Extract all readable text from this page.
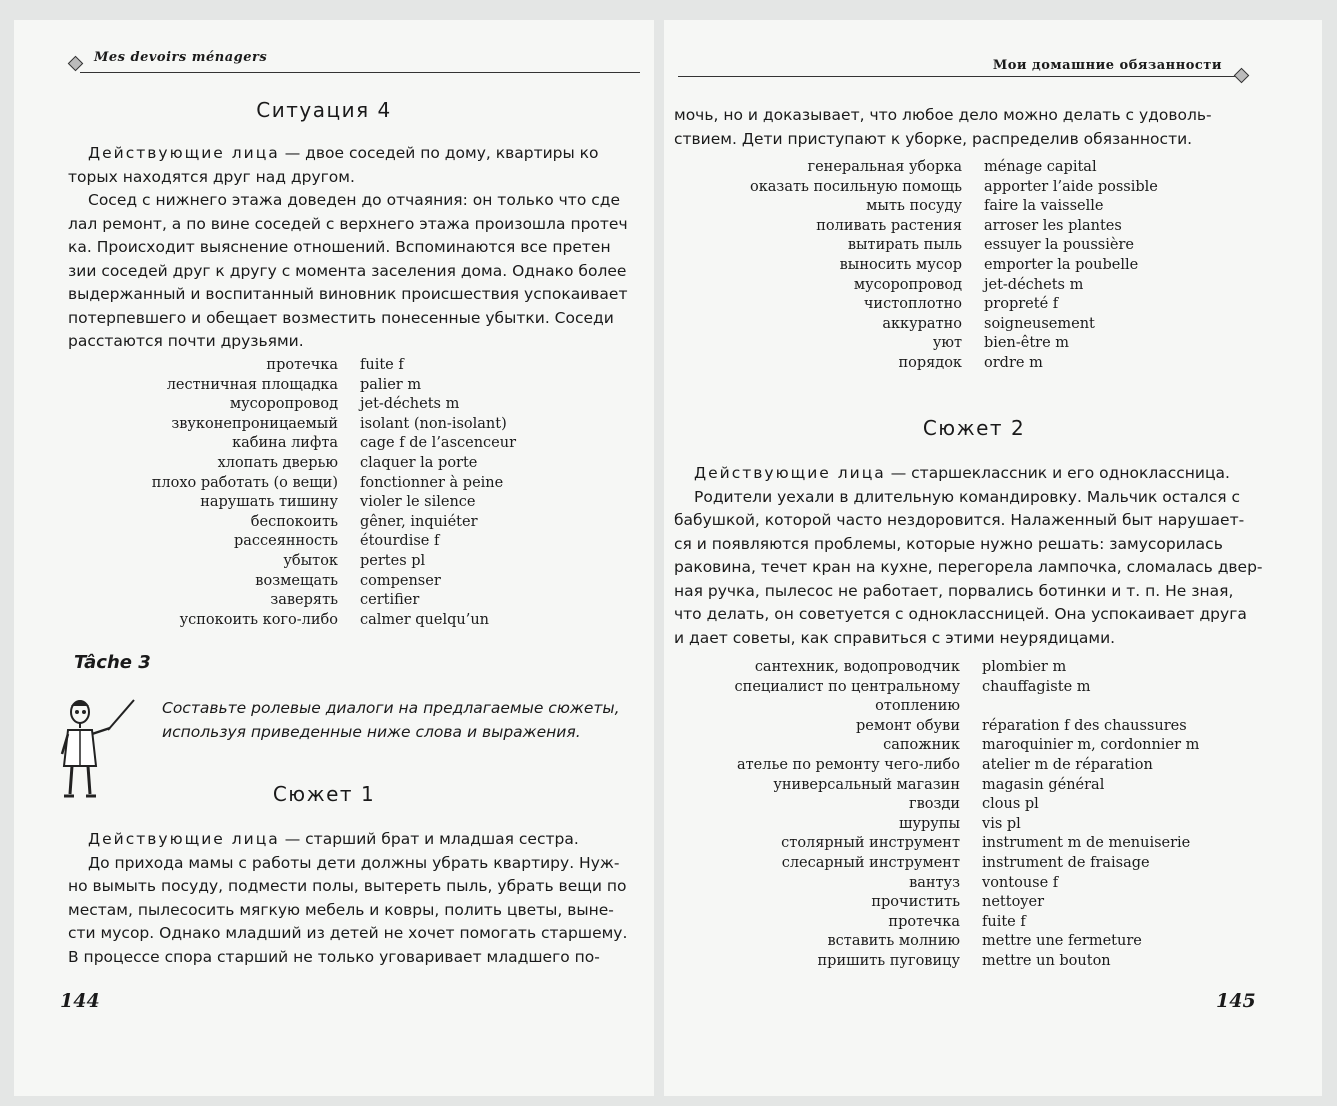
Mes devoirs ménagers
Ситуация 4
Действующие лица — двое соседей по дому, квартиры ко
торых находятся друг над другом.
Сосед с нижнего этажа доведен до отчаяния: он только что сде
лал ремонт, а по вине соседей с верхнего этажа произошла протеч
ка. Происходит выяснение отношений. Вспоминаются все претен
зии соседей друг к другу с момента заселения дома. Однако более
выдержанный и воспитанный виновник происшествия успокаивает
потерпевшего и обещает возместить понесенные убытки. Соседи
расстаются почти друзьями.
протечка	fuite f
лестничная площадка	palier m
мусоропровод	jet-déchets m
звуконепроницаемый	isolant (non-isolant)
кабина лифта	cage f de l’ascenceur
хлопать дверью	claquer la porte
плохо работать (о вещи)	fonctionner à peine
нарушать тишину	violer le silence
беспокоить	gêner, inquiéter
рассеянность	étourdise f
убыток	pertes pl
возмещать	compenser
заверять	certifier
успокоить кого-либо	calmer quelqu’un
Tâche 3
Составьте ролевые диалоги на предлагаемые сюжеты,
используя приведенные ниже слова и выражения.
Сюжет 1
Действующие лица — старший брат и младшая сестра.
До прихода мамы с работы дети должны убрать квартиру. Нуж-
но вымыть посуду, подмести полы, вытереть пыль, убрать вещи по
местам, пылесосить мягкую мебель и ковры, полить цветы, выне-
сти мусор. Однако младший из детей не хочет помогать старшему.
В процессе спора старший не только уговаривает младшего по-
144
Мои домашние обязанности
мочь, но и доказывает, что любое дело можно делать с удоволь-
ствием. Дети приступают к уборке, распределив обязанности.
генеральная уборка	ménage capital
оказать посильную помощь	apporter l’aide possible
мыть посуду	faire la vaisselle
поливать растения	arroser les plantes
вытирать пыль	essuyer la poussière
выносить мусор	emporter la poubelle
мусоропровод	jet-déchets m
чистоплотно	propreté f
аккуратно	soigneusement
уют	bien-être m
порядок	ordre m
Сюжет 2
Действующие лица — старшеклассник и его одноклассница.
Родители уехали в длительную командировку. Мальчик остался с
бабушкой, которой часто нездоровится. Налаженный быт нарушает-
ся и появляются проблемы, которые нужно решать: замусорилась
раковина, течет кран на кухне, перегорела лампочка, сломалась двер-
ная ручка, пылесос не работает, порвались ботинки и т. п. Не зная,
что делать, он советуется с одноклассницей. Она успокаивает друга
и дает советы, как справиться с этими неурядицами.
сантехник, водопроводчик	plombier m
специалист по центральному	chauffagiste m
отоплению
ремонт обуви	réparation f des chaussures
сапожник	maroquinier m, cordonnier m
ателье по ремонту чего-либо	atelier m de réparation
универсальный магазин	magasin général
гвозди	clous pl
шурупы	vis pl
столярный инструмент	instrument m de menuiserie
слесарный инструмент	instrument de fraisage
вантуз	vontouse f
прочистить	nettoyer
протечка	fuite f
вставить молнию	mettre une fermeture
пришить пуговицу	mettre un bouton
145
